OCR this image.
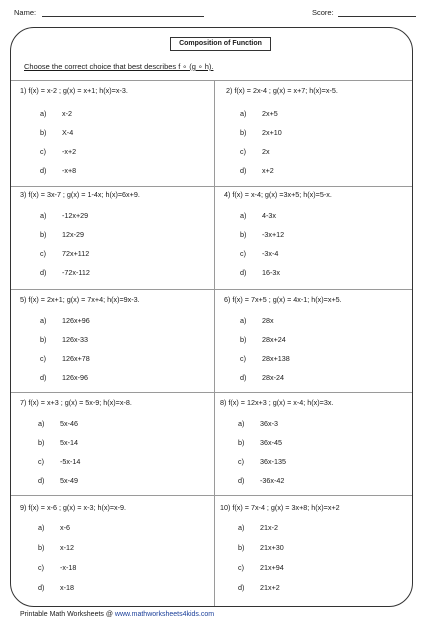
Name:	Score:
Composition of Function
Choose the correct choice that best describes f ∘ (g ∘ h).
1) f(x) = x-2 ; g(x) = x+1; h(x)=x-3.
a) x-2
b) X-4
c) -x+2
d) -x+8
2) f(x) = 2x-4 ; g(x) = x+7; h(x)=x-5.
a) 2x+5
b) 2x+10
c) 2x
d) x+2
3) f(x) = 3x-7 ; g(x) = 1-4x; h(x)=6x+9.
a) -12x+29
b) 12x-29
c) 72x+112
d) -72x-112
4) f(x) = x-4; g(x) =3x+5; h(x)=5-x.
a) 4-3x
b) -3x+12
c) -3x-4
d) 16-3x
5) f(x) = 2x+1; g(x) = 7x+4; h(x)=9x-3.
a) 126x+96
b) 126x-33
c) 126x+78
d) 126x-96
6) f(x) = 7x+5 ; g(x) = 4x-1; h(x)=x+5.
a) 28x
b) 28x+24
c) 28x+138
d) 28x-24
7) f(x) = x+3 ; g(x) = 5x-9; h(x)=x-8.
a) 5x-46
b) 5x-14
c) -5x-14
d) 5x-49
8) f(x) = 12x+3 ; g(x) = x-4; h(x)=3x.
a) 36x-3
b) 36x-45
c) 36x-135
d) -36x-42
9) f(x) = x-6 ; g(x) = x-3; h(x)=x-9.
a) x-6
b) x-12
c) -x-18
d) x-18
10) f(x) = 7x-4 ; g(x) = 3x+8; h(x)=x+2
a) 21x-2
b) 21x+30
c) 21x+94
d) 21x+2
Printable Math Worksheets @ www.mathworksheets4kids.com
